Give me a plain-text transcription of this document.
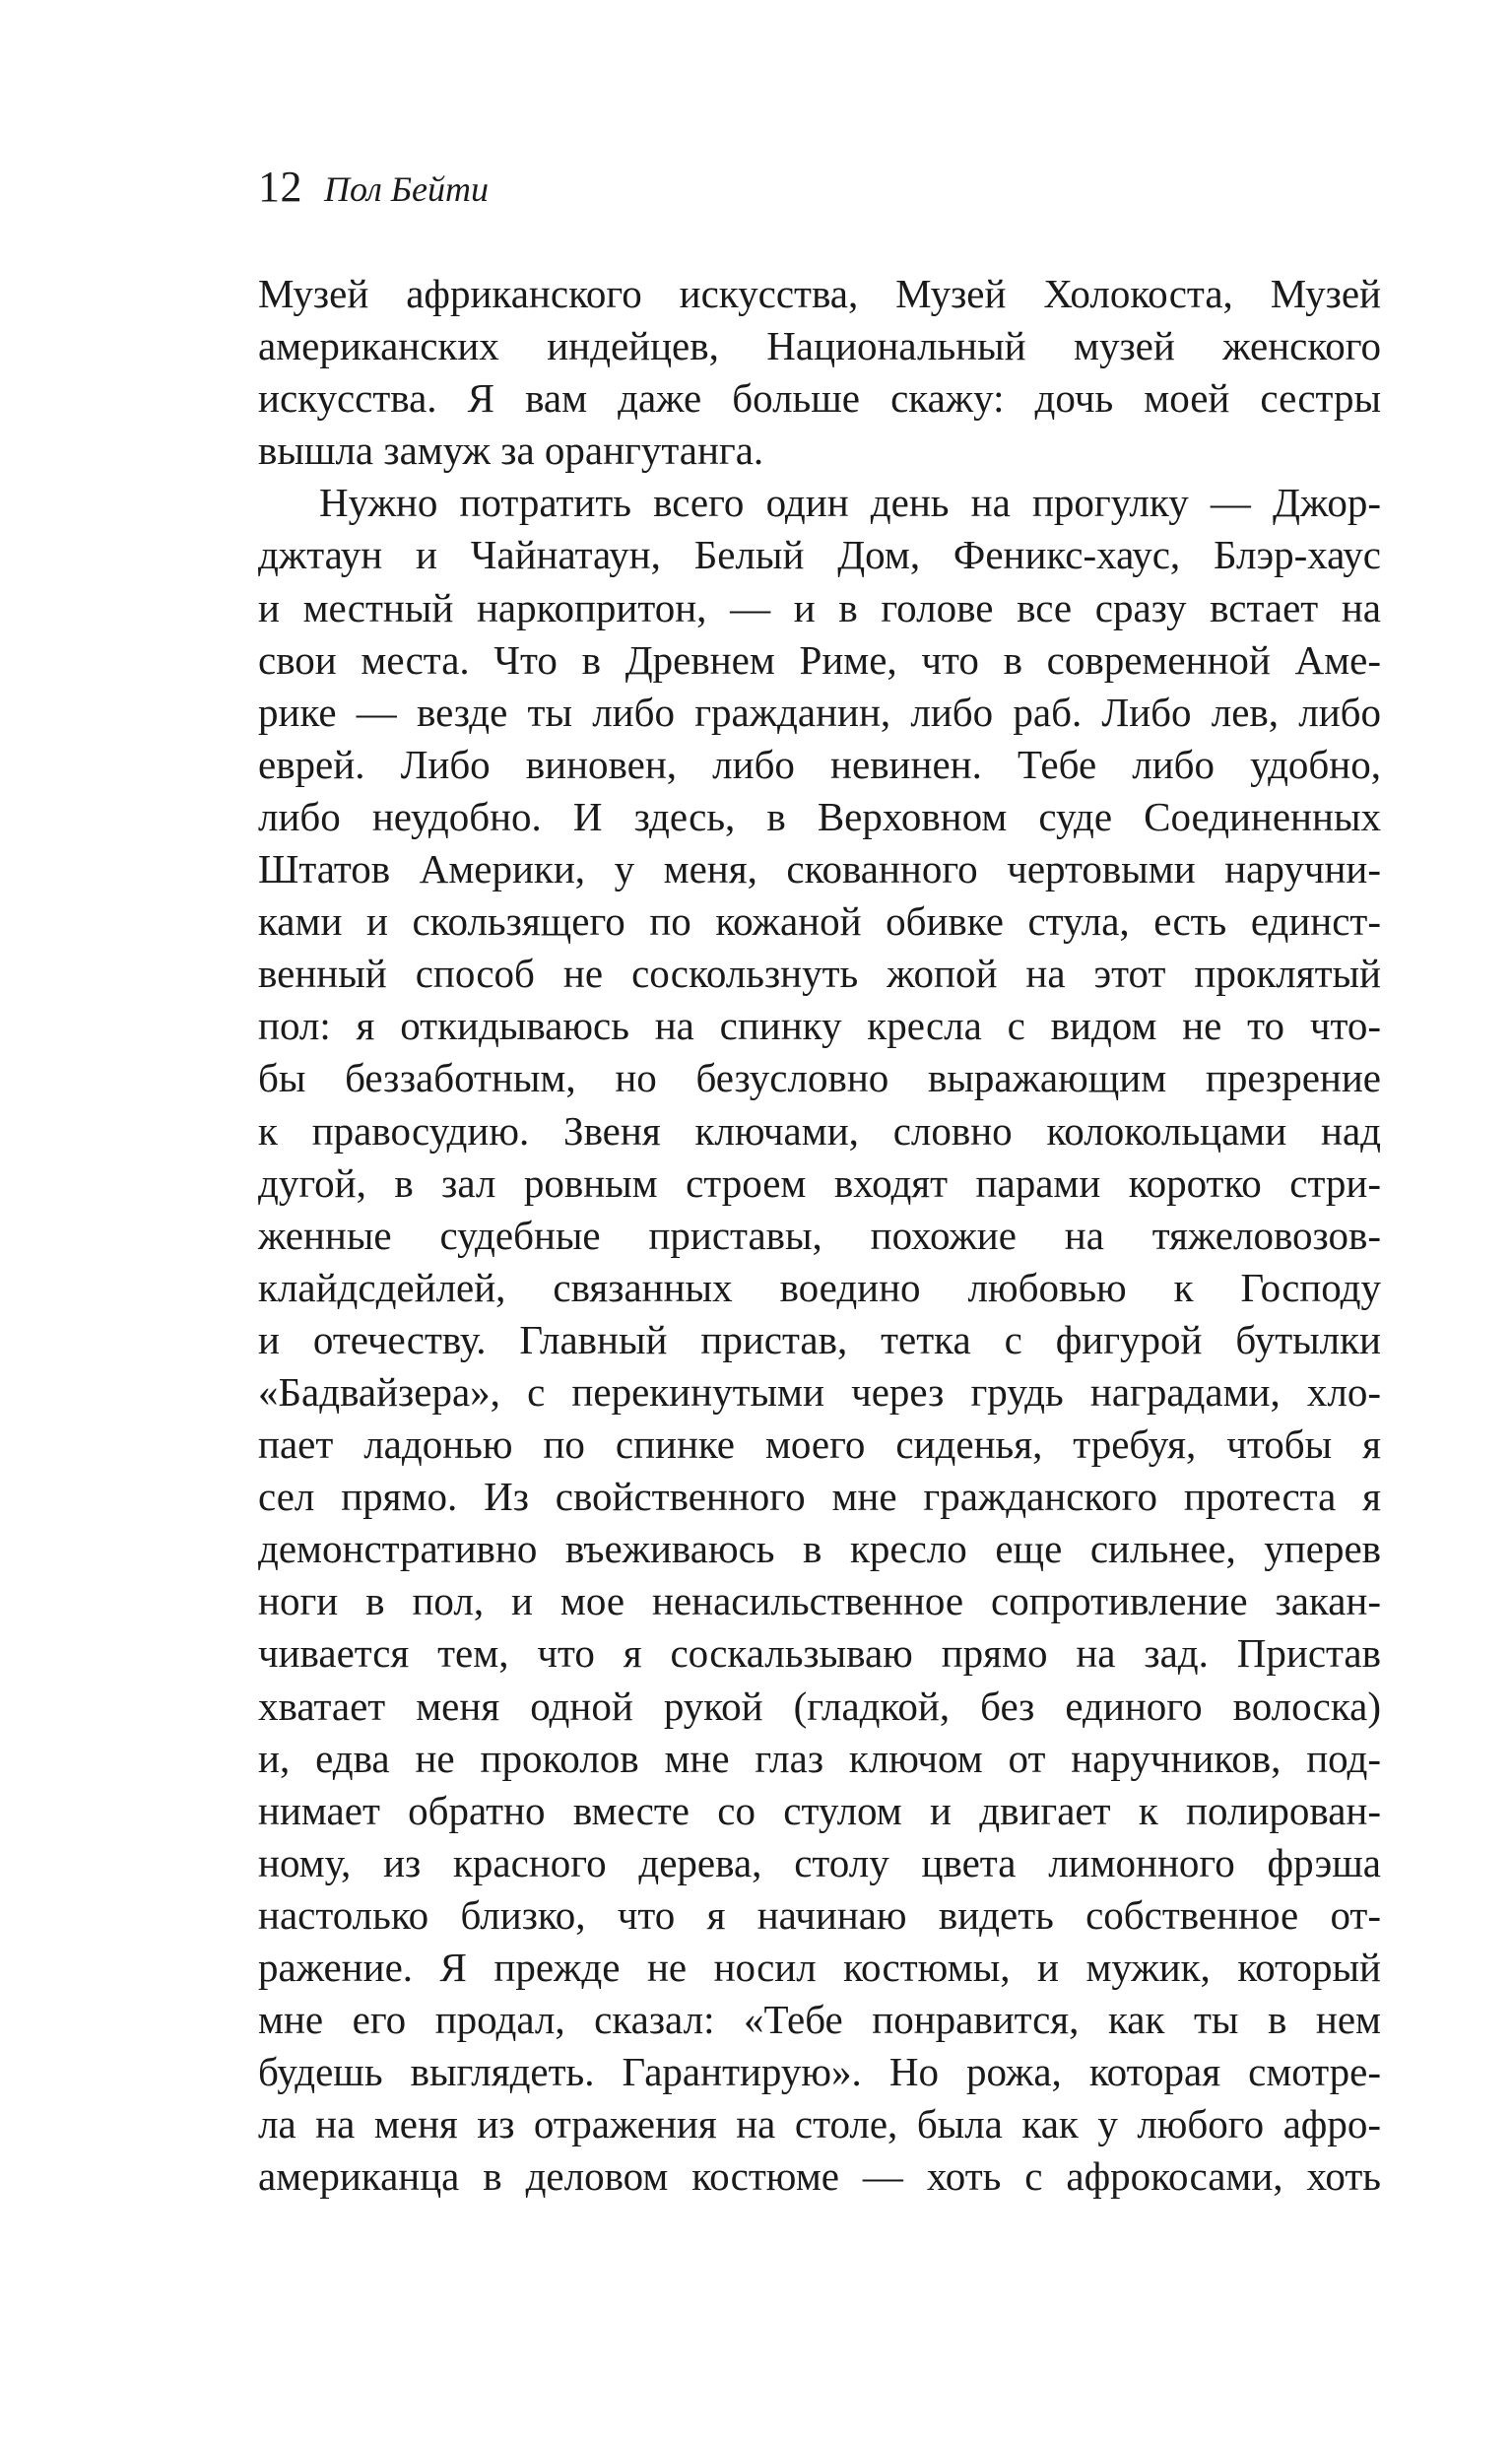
12 Пол Бейти
Музей африканского искусства, Музей Холокоста, Музей
американских индейцев, Национальный музей женского
искусства. Я вам даже больше скажу: дочь моей сестры
вышла замуж за орангутанга.
Нужно потратить всего один день на прогулку — Джор-
джтаун и Чайнатаун, Белый Дом, Феникс-хаус, Блэр-хаус
и местный наркопритон, — и в голове все сразу встает на
свои места. Что в Древнем Риме, что в современной Аме-
рике — везде ты либо гражданин, либо раб. Либо лев, либо
еврей. Либо виновен, либо невинен. Тебе либо удобно,
либо неудобно. И здесь, в Верховном суде Соединенных
Штатов Америки, у меня, скованного чертовыми наручни-
ками и скользящего по кожаной обивке стула, есть единст-
венный способ не соскользнуть жопой на этот проклятый
пол: я откидываюсь на спинку кресла с видом не то что-
бы беззаботным, но безусловно выражающим презрение
к правосудию. Звеня ключами, словно колокольцами над
дугой, в зал ровным строем входят парами коротко стри-
женные судебные приставы, похожие на тяжеловозов-
клайдсдейлей, связанных воедино любовью к Господу
и отечеству. Главный пристав, тетка с фигурой бутылки
«Бадвайзера», с перекинутыми через грудь наградами, хло-
пает ладонью по спинке моего сиденья, требуя, чтобы я
сел прямо. Из свойственного мне гражданского протеста я
демонстративно въеживаюсь в кресло еще сильнее, уперев
ноги в пол, и мое ненасильственное сопротивление закан-
чивается тем, что я соскальзываю прямо на зад. Пристав
хватает меня одной рукой (гладкой, без единого волоска)
и, едва не проколов мне глаз ключом от наручников, под-
нимает обратно вместе со стулом и двигает к полирован-
ному, из красного дерева, столу цвета лимонного фрэша
настолько близко, что я начинаю видеть собственное от-
ражение. Я прежде не носил костюмы, и мужик, который
мне его продал, сказал: «Тебе понравится, как ты в нем
будешь выглядеть. Гарантирую». Но рожа, которая смотре-
ла на меня из отражения на столе, была как у любого афро-
американца в деловом костюме — хоть с афрокосами, хоть
